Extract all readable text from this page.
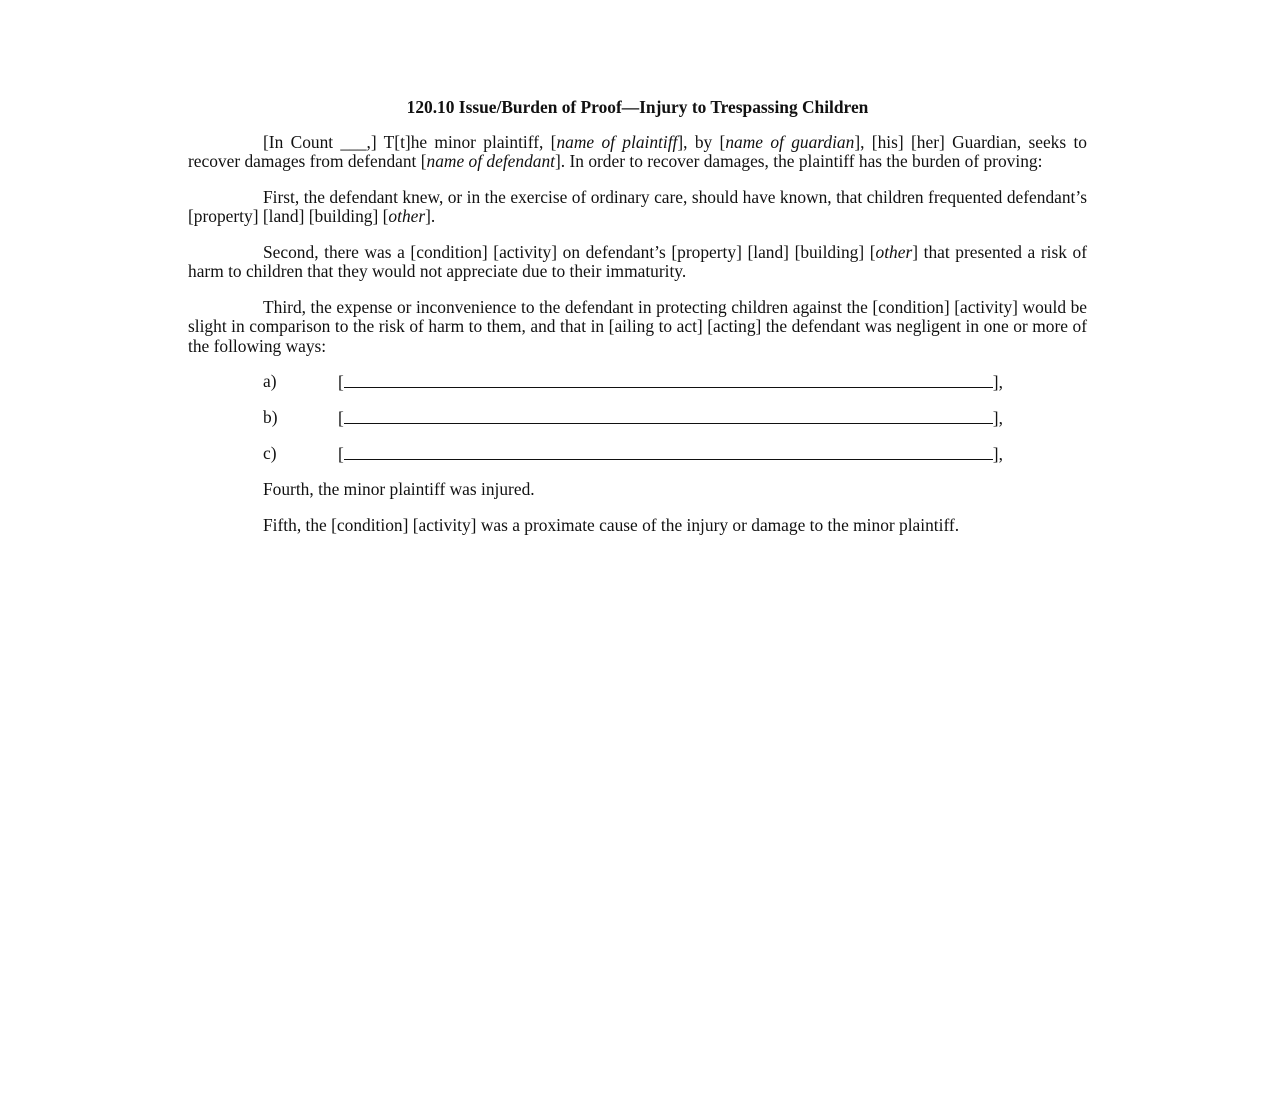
120.10 Issue/Burden of Proof—Injury to Trespassing Children

[In Count ___,] T[t]he minor plaintiff, [name of plaintiff], by [name of guardian], [his] [her] Guardian, seeks to recover damages from defendant [name of defendant]. In order to recover damages, the plaintiff has the burden of proving:

First, the defendant knew, or in the exercise of ordinary care, should have known, that children frequented defendant’s [property] [land] [building] [other].

Second, there was a [condition] [activity] on defendant’s [property] [land] [building] [other] that presented a risk of harm to children that they would not appreciate due to their immaturity.

Third, the expense or inconvenience to the defendant in protecting children against the [condition] [activity] would be slight in comparison to the risk of harm to them, and that in [ailing to act] [acting] the defendant was negligent in one or more of the following ways:

a)	[	],
b)	[	],
c)	[	],

Fourth, the minor plaintiff was injured.

Fifth, the [condition] [activity] was a proximate cause of the injury or damage to the minor plaintiff.
